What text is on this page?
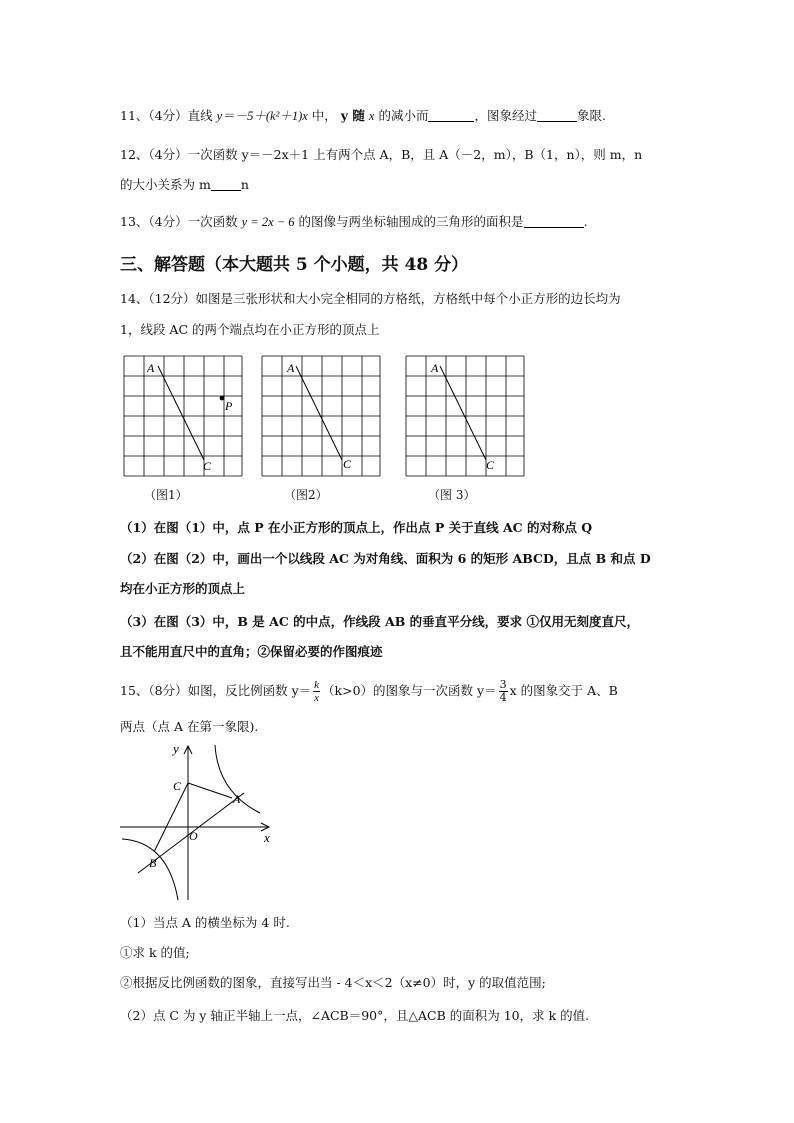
11、（4分）直线 y＝－5＋(k²＋1)x 中， y 随 x 的减小而	，图象经过	象限.
12、（4分）一次函数 y＝－2x＋1 上有两个点 A，B，且 A（－2，m），B（1，n），则 m，n
的大小关系为 m n
13、（4分）一次函数 y = 2x − 6 的图像与两坐标轴围成的三角形的面积是	.
三、解答题（本大题共 5 个小题，共 48 分）
14、（12分）如图是三张形状和大小完全相同的方格纸，方格纸中每个小正方形的边长均为
1，线段 AC 的两个端点均在小正方形的顶点上
A
C
P
A
C
A
C
（图1）	（图2）	（图 3）
（1）在图（1）中，点 P 在小正方形的顶点上，作出点 P 关于直线 AC 的对称点 Q
（2）在图（2）中，画出一个以线段 AC 为对角线、面积为 6 的矩形 ABCD，且点 B 和点 D
均在小正方形的顶点上
（3）在图（3）中，B 是 AC 的中点，作线段 AB 的垂直平分线，要求 ①仅用无刻度直尺，
且不能用直尺中的直角；②保留必要的作图痕迹
15、（8分）如图，反比例函数 $y= \frac{k}{x} (k>0)$的图象与一次函数 $y= \frac{3}{4}$ x 的图象交于 A、B
两点（点 A 在第一象限).
y
x
O
A
B
C
（1）当点 A 的横坐标为 4 时.
①求 k 的值;
②根据反比例函数的图象，直接写出当 - 4＜x＜2（x≠0）时，y 的取值范围;
（2）点 C 为 y 轴正半轴上一点，∠ACB＝90°，且△ACB 的面积为 10，求 k 的值.
